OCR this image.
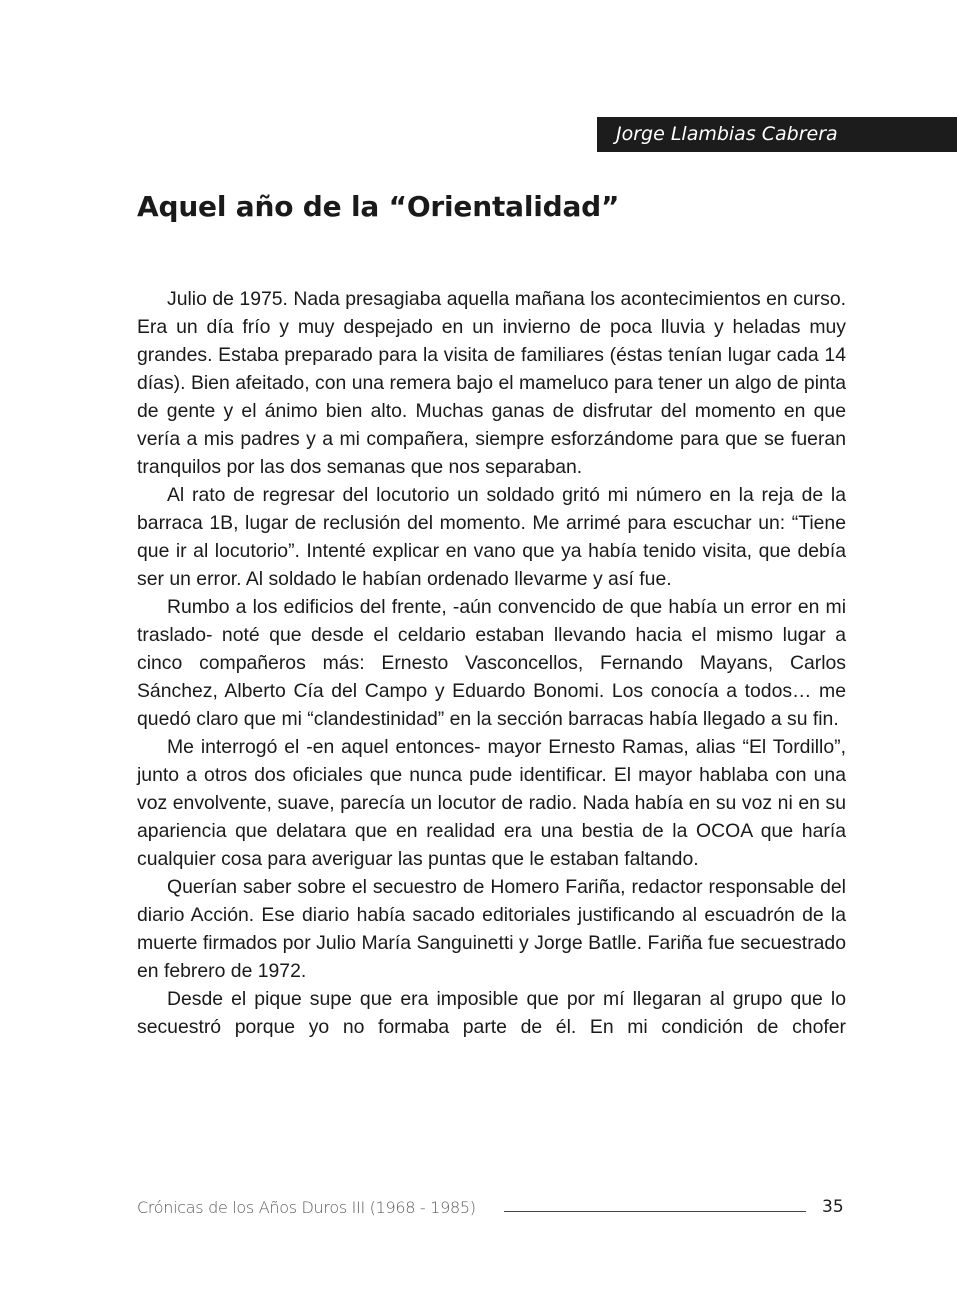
Jorge Llambias Cabrera
Aquel año de la “Orientalidad”

Julio de 1975. Nada presagiaba aquella mañana los acontecimientos en curso. Era un día frío y muy despejado en un invierno de poca lluvia y heladas muy grandes. Estaba preparado para la visita de familiares (éstas tenían lugar cada 14 días). Bien afeitado, con una remera bajo el mameluco para tener un algo de pinta de gente y el ánimo bien alto. Muchas ganas de disfrutar del momento en que vería a mis padres y a mi compañera, siempre esforzándome para que se fueran tranquilos por las dos semanas que nos separaban.

Al rato de regresar del locutorio un soldado gritó mi número en la reja de la barraca 1B, lugar de reclusión del momento. Me arrimé para escuchar un: “Tiene que ir al locutorio”. Intenté explicar en vano que ya había tenido visita, que debía ser un error. Al soldado le habían ordenado llevarme y así fue.

Rumbo a los edificios del frente, -aún convencido de que había un error en mi traslado- noté que desde el celdario estaban llevando hacia el mismo lugar a cinco compañeros más: Ernesto Vasconcellos, Fernando Mayans, Carlos Sánchez, Alberto Cía del Campo y Eduardo Bonomi. Los conocía a todos… me quedó claro que mi “clandestinidad” en la sección barracas había llegado a su fin.

Me interrogó el -en aquel entonces- mayor Ernesto Ramas, alias “El Tordillo”, junto a otros dos oficiales que nunca pude identificar. El mayor hablaba con una voz envolvente, suave, parecía un locutor de radio. Nada había en su voz ni en su apariencia que delatara que en realidad era una bestia de la OCOA que haría cualquier cosa para averiguar las puntas que le estaban faltando.

Querían saber sobre el secuestro de Homero Fariña, redactor responsable del diario Acción. Ese diario había sacado editoriales justificando al escuadrón de la muerte firmados por Julio María Sanguinetti y Jorge Batlle. Fariña fue secuestrado en febrero de 1972.

Desde el pique supe que era imposible que por mí llegaran al grupo que lo secuestró porque yo no formaba parte de él. En mi condición de chofer

Crónicas de los Años Duros III (1968 - 1985)	35
